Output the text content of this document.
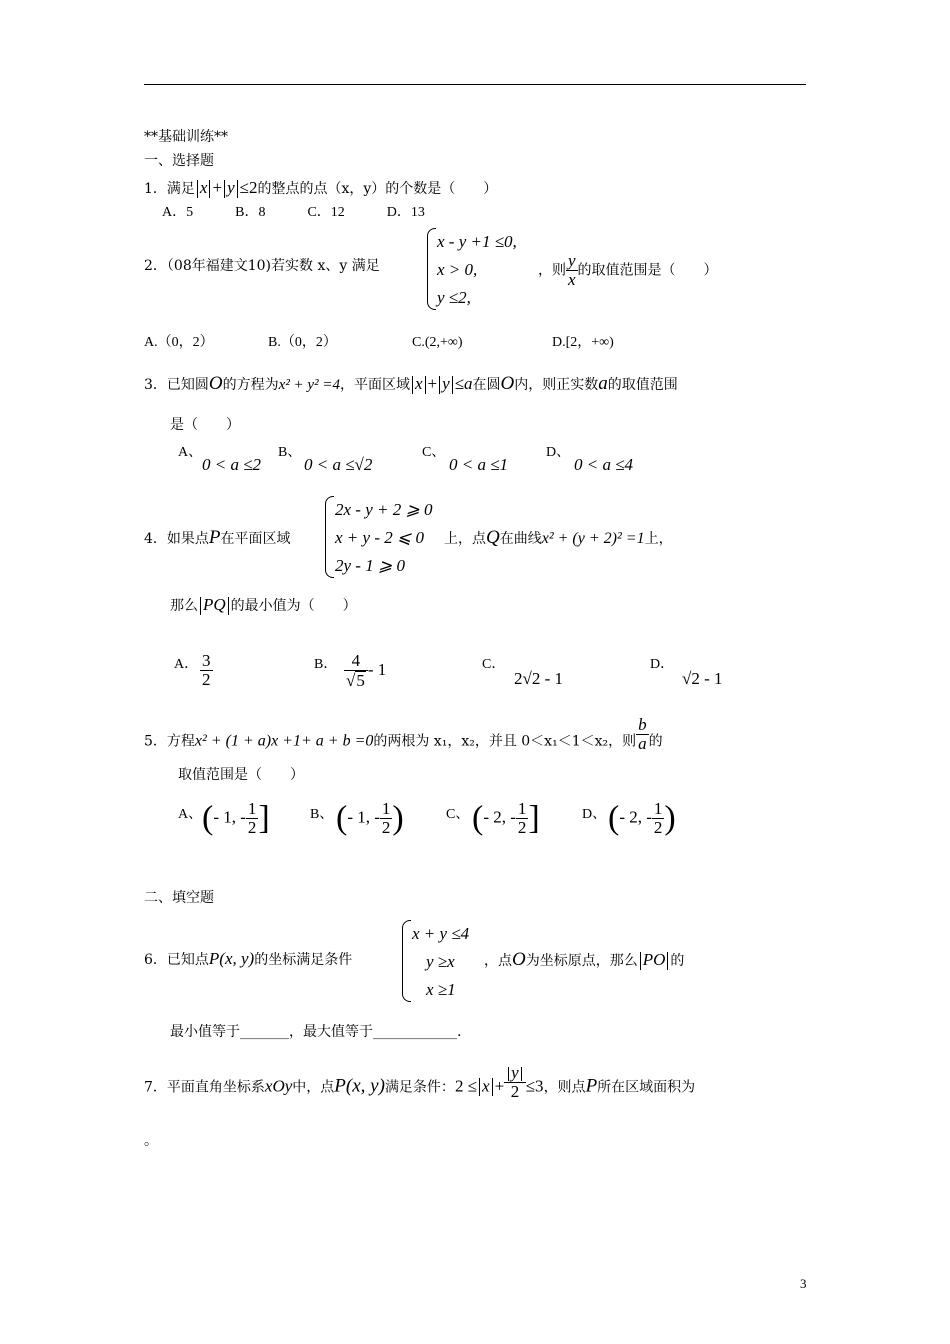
**基础训练**
一、选择题
1．满足 x + y ≤2的整点的点（x，y）的个数是（　　）
A．5　　　B．8　　　C．12　　　D．13
2．（08年福建文10)若实数 x、y 满足
x - y +1 ≤0,
x > 0,
y ≤2,
，则 $\frac{y}{x}$ 的取值范围是（　　）
A.（0，2）	B.（0，2）	C.(2,+∞)	D.[2，+∞)
3．已知圆O的方程为x² + y² =4，平面区域 x + y ≤a在圆O内，则正实数a的取值范围
是（　　）
A、
0 < a ≤2
B、
0 < a ≤√2
C、
0 < a ≤1
D、
0 < a ≤4
4．如果点P在平面区域
2x - y + 2 ⩾ 0
x + y - 2 ⩽ 0
2y - 1 ⩾ 0
上，点Q在曲线x² + (y + 2)² =1上，
那么 PQ 的最小值为（　　）
A． $\frac{3}{2}$	B． $\frac{4}{√5} - 1$	C．
2√2 - 1
D．
√2 - 1
5．方程x² + (1 + a)x +1+ a + b =0的两根为 x₁，x₂，并且 0＜x₁＜1＜x₂，则 $\frac{b}{a}$ 的
取值范围是（　　）
A、 (- 1, - $\frac{1}{2}$ ]	B、 (- 1, - $\frac{1}{2}$ )	C、 (- 2, - $\frac{1}{2}$ ]	D、 (- 2, - $\frac{1}{2}$ )
二、填空题
6．已知点P(x, y)的坐标满足条件
x + y ≤4
y ≥x
x ≥1
，点O为坐标原点，那么 PO 的
最小值等于_______，最大值等于____________.
7．平面直角坐标系xOy中，点P(x, y)满足条件：$2 \le x + \frac{y}{2} \le 3$，则点P所在区域面积为
。
3
